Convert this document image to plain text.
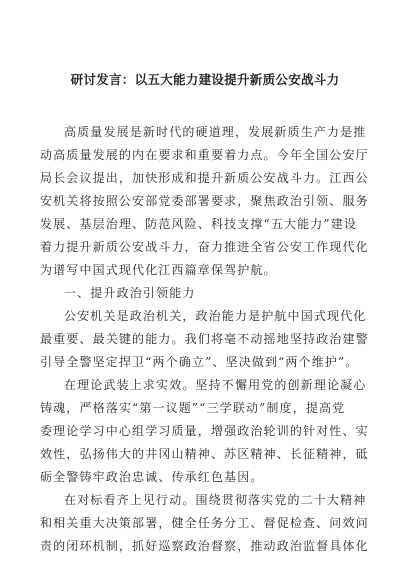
研讨发言：以五大能力建设提升新质公安战斗力
高质量发展是新时代的硬道理，发展新质生产力是推
动高质量发展的内在要求和重要着力点。今年全国公安厅
局长会议提出，加快形成和提升新质公安战斗力。江西公
安机关将按照公安部党委部署要求，聚焦政治引领、服务
发展、基层治理、防范风险、科技支撑“五大能力”建设
着力提升新质公安战斗力，奋力推进全省公安工作现代化
为谱写中国式现代化江西篇章保驾护航。
一、提升政治引领能力
公安机关是政治机关，政治能力是护航中国式现代化
最重要、最关键的能力。我们将毫不动摇地坚持政治建警
引导全警坚定捍卫“两个确立”、坚决做到“两个维护”。
在理论武装上求实效。坚持不懈用党的创新理论凝心
铸魂，严格落实“第一议题”“三学联动”制度，提高党
委理论学习中心组学习质量，增强政治轮训的针对性、实
效性，弘扬伟大的井冈山精神、苏区精神、长征精神，砥
砺全警铸牢政治忠诚、传承红色基因。
在对标看齐上见行动。围绕贯彻落实党的二十大精神
和相关重大决策部署，健全任务分工、督促检查、问效问
责的闭环机制，抓好巡察政治督察，推动政治监督具体化
